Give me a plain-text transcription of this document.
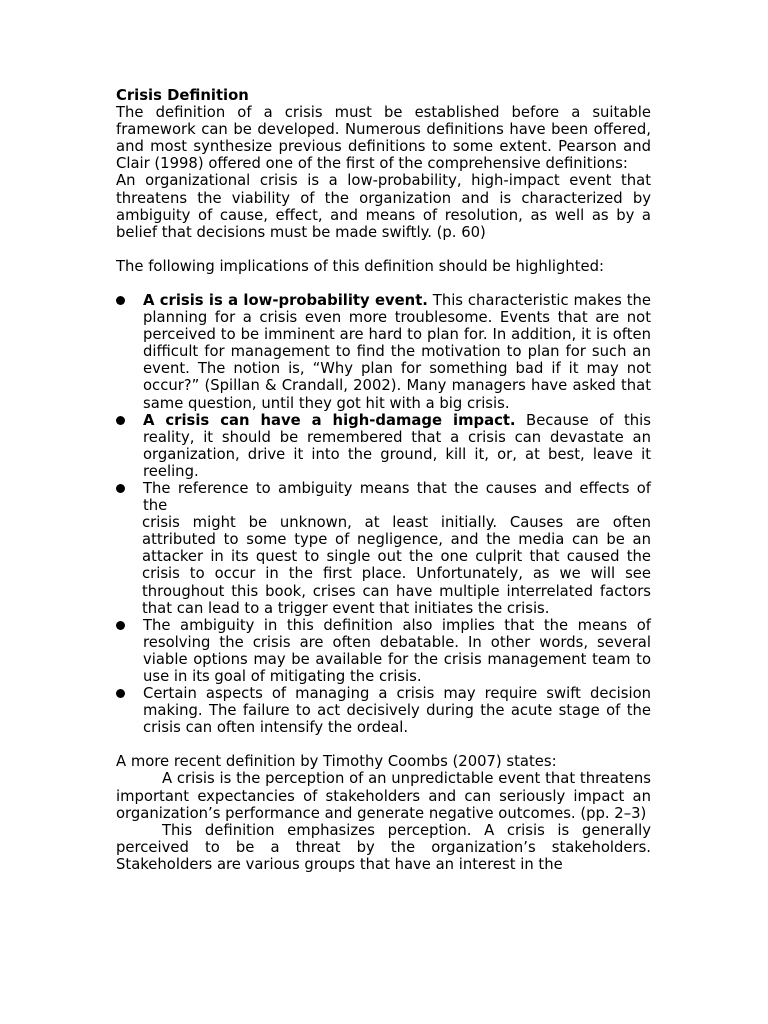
Crisis Definition

The definition of a crisis must be established before a suitable framework can be developed. Numerous definitions have been offered, and most synthesize previous definitions to some extent. Pearson and Clair (1998) offered one of the first of the comprehensive definitions:

An organizational crisis is a low-probability, high-impact event that threatens the viability of the organization and is characterized by ambiguity of cause, effect, and means of resolution, as well as by a belief that decisions must be made swiftly. (p. 60)

The following implications of this definition should be highlighted:

A crisis is a low-probability event. This characteristic makes the planning for a crisis even more troublesome. Events that are not perceived to be imminent are hard to plan for. In addition, it is often difficult for management to find the motivation to plan for such an event. The notion is, “Why plan for something bad if it may not occur?” (Spillan & Crandall, 2002). Many managers have asked that same question, until they got hit with a big crisis.
A crisis can have a high-damage impact. Because of this reality, it should be remembered that a crisis can devastate an organization, drive it into the ground, kill it, or, at best, leave it reeling.
The reference to ambiguity means that the causes and effects of the
crisis might be unknown, at least initially. Causes are often attributed to some type of negligence, and the media can be an attacker in its quest to single out the one culprit that caused the crisis to occur in the first place. Unfortunately, as we will see throughout this book, crises can have multiple interrelated factors that can lead to a trigger event that initiates the crisis.
The ambiguity in this definition also implies that the means of resolving the crisis are often debatable. In other words, several viable options may be available for the crisis management team to use in its goal of mitigating the crisis.
Certain aspects of managing a crisis may require swift decision making. The failure to act decisively during the acute stage of the crisis can often intensify the ordeal.

A more recent definition by Timothy Coombs (2007) states:

A crisis is the perception of an unpredictable event that threatens important expectancies of stakeholders and can seriously impact an organization’s performance and generate negative outcomes. (pp. 2–3)

This definition emphasizes perception. A crisis is generally perceived to be a threat by the organization’s stakeholders. Stakeholders are various groups that have an interest in the
